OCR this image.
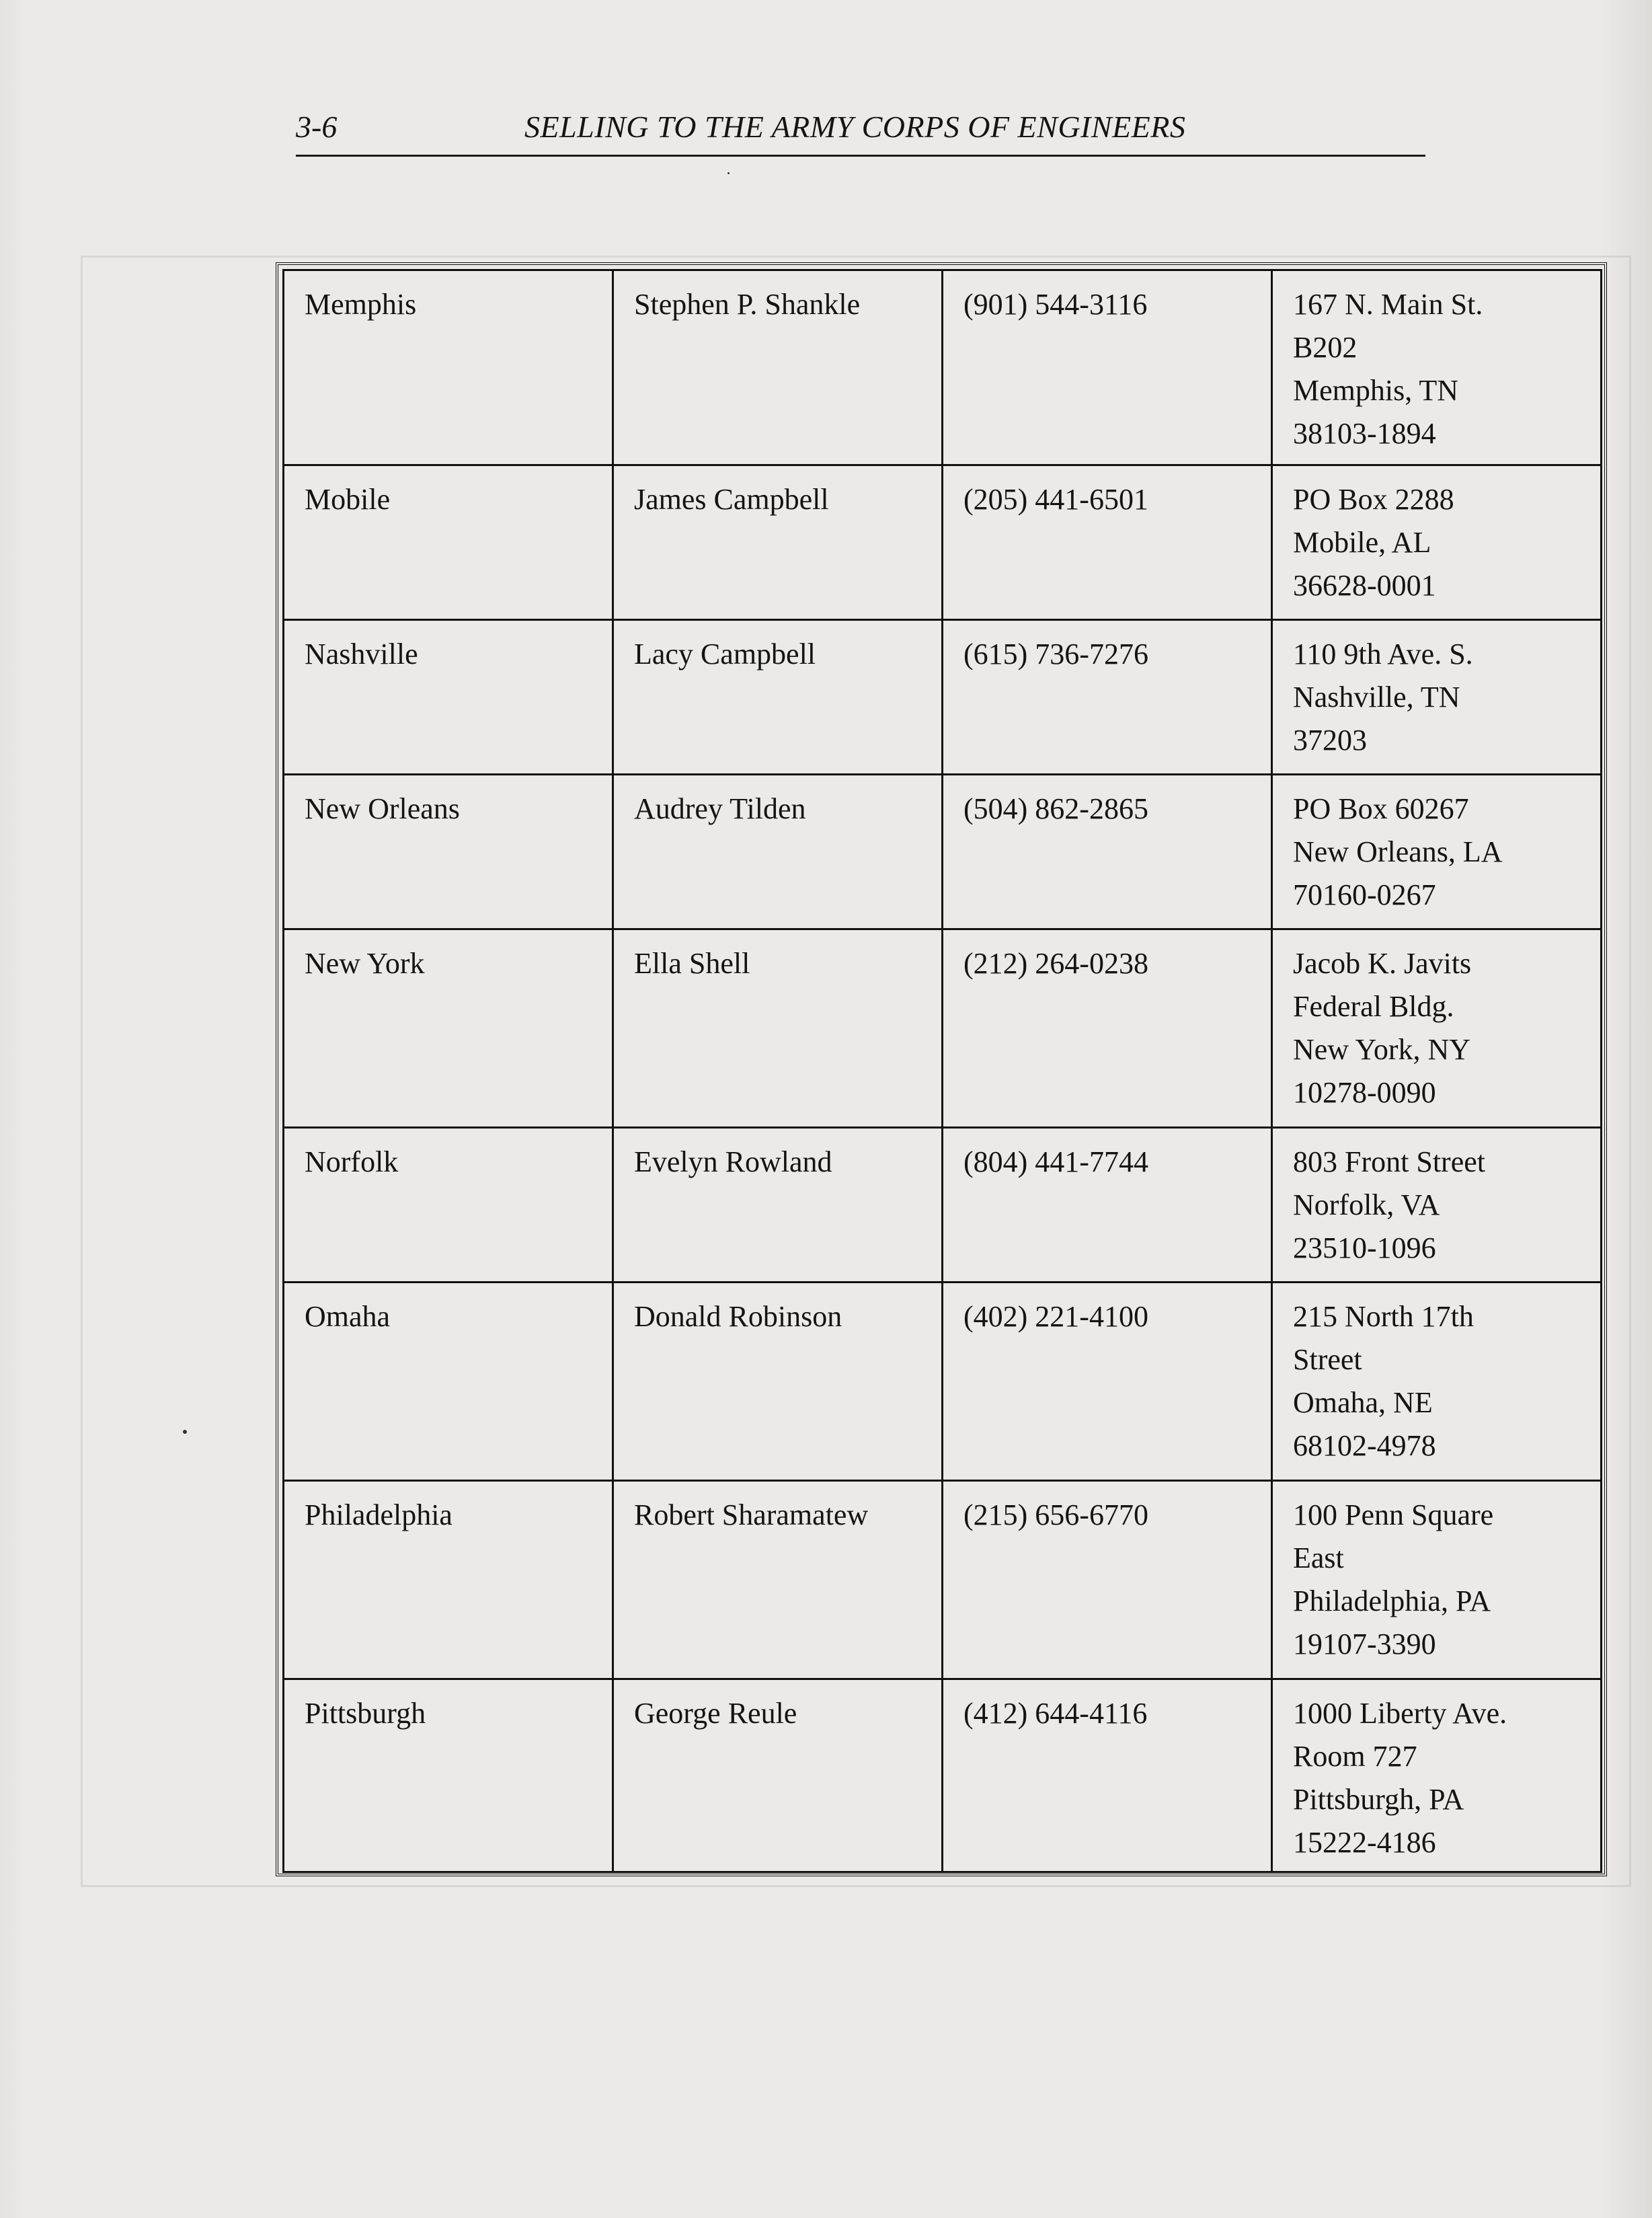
3-6	SELLING TO THE ARMY CORPS OF ENGINEERS
Memphis	Stephen P. Shankle	(901) 544-3116	167 N. Main St.
B202
Memphis, TN
38103-1894

Mobile	James Campbell	(205) 441-6501	PO Box 2288
Mobile, AL
36628-0001

Nashville	Lacy Campbell	(615) 736-7276	110 9th Ave. S.
Nashville, TN
37203

New Orleans	Audrey Tilden	(504) 862-2865	PO Box 60267
New Orleans, LA
70160-0267

New York	Ella Shell	(212) 264-0238	Jacob K. Javits
Federal Bldg.
New York, NY
10278-0090

Norfolk	Evelyn Rowland	(804) 441-7744	803 Front Street
Norfolk, VA
23510-1096

Omaha	Donald Robinson	(402) 221-4100	215 North 17th
Street
Omaha, NE
68102-4978

Philadelphia	Robert Sharamatew	(215) 656-6770	100 Penn Square
East
Philadelphia, PA
19107-3390

Pittsburgh	George Reule	(412) 644-4116	1000 Liberty Ave.
Room 727
Pittsburgh, PA
15222-4186
